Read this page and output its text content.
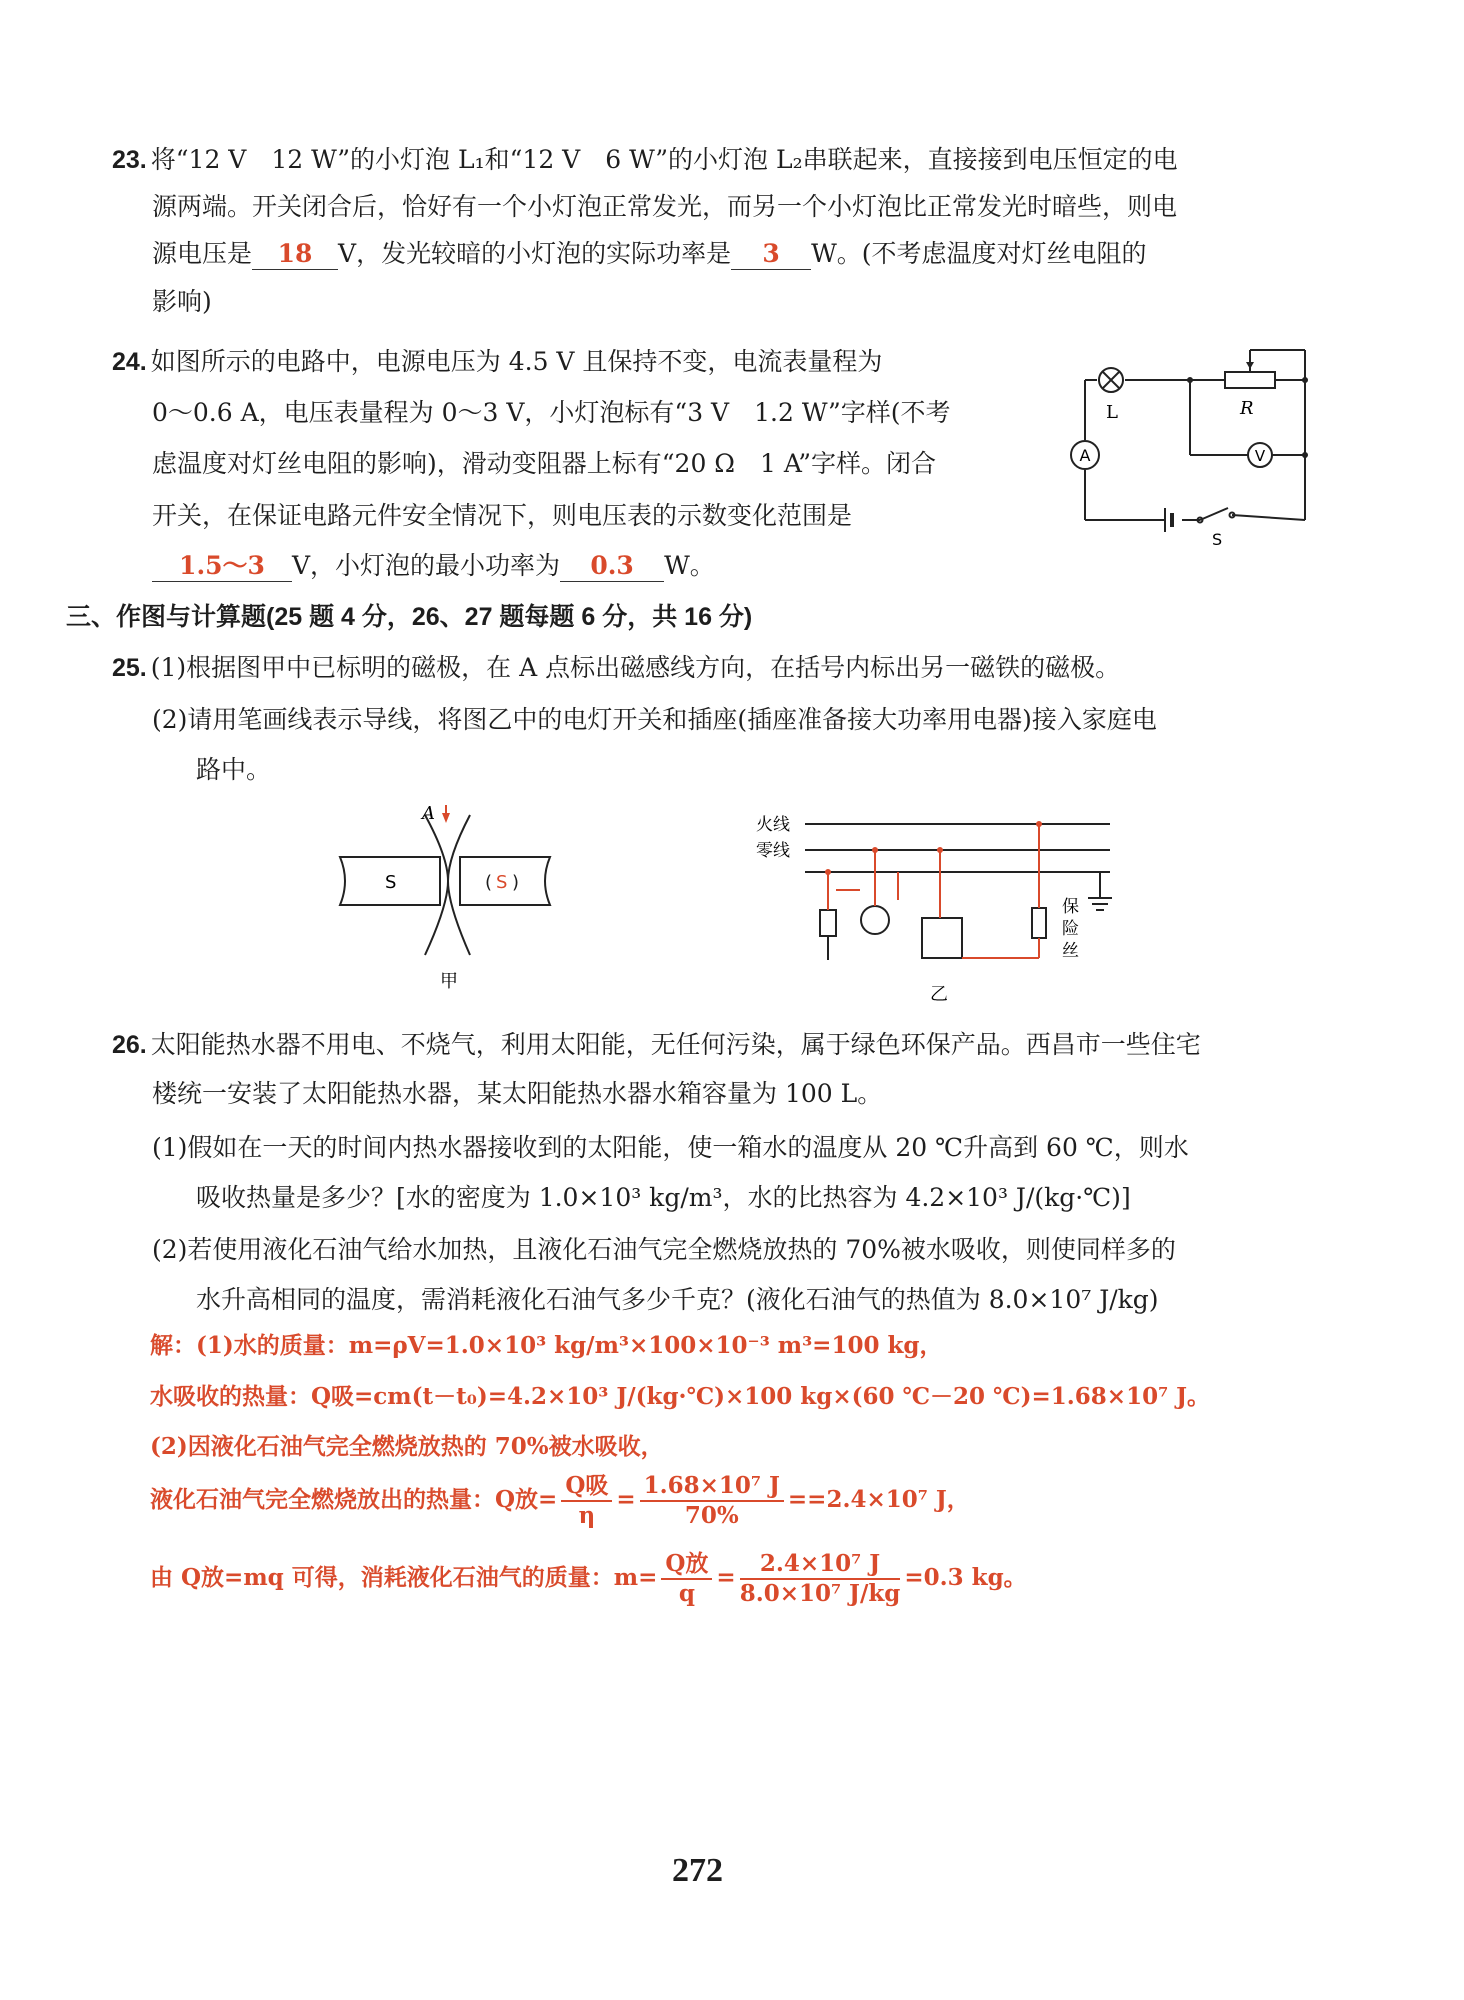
23. 将“12 V　12 W”的小灯泡 L₁和“12 V　6 W”的小灯泡 L₂串联起来，直接接到电压恒定的电
源两端。开关闭合后，恰好有一个小灯泡正常发光，而另一个小灯泡比正常发光时暗些，则电
源电压是 18 V，发光较暗的小灯泡的实际功率是 3 W。(不考虑温度对灯丝电阻的
影响)
24. 如图所示的电路中，电源电压为 4.5 V 且保持不变，电流表量程为
0～0.6 A，电压表量程为 0～3 V，小灯泡标有“3 V　1.2 W”字样(不考
虑温度对灯丝电阻的影响)，滑动变阻器上标有“20 Ω　1 A”字样。闭合
开关，在保证电路元件安全情况下，则电压表的示数变化范围是
1.5～3 V，小灯泡的最小功率为 0.3 W。
L	R
A	V
S
三、作图与计算题(25 题 4 分，26、27 题每题 6 分，共 16 分)
25. (1)根据图甲中已标明的磁极，在 A 点标出磁感线方向，在括号内标出另一磁铁的磁极。
(2)请用笔画线表示导线，将图乙中的电灯开关和插座(插座准备接大功率用电器)接入家庭电
路中。
A
S	( S )
甲
火线
零线
保
险
丝
乙
26. 太阳能热水器不用电、不烧气，利用太阳能，无任何污染，属于绿色环保产品。西昌市一些住宅
楼统一安装了太阳能热水器，某太阳能热水器水箱容量为 100 L。
(1)假如在一天的时间内热水器接收到的太阳能，使一箱水的温度从 20 ℃升高到 60 ℃，则水
吸收热量是多少？[水的密度为 1.0×10³ kg/m³，水的比热容为 4.2×10³ J/(kg·℃)]
(2)若使用液化石油气给水加热，且液化石油气完全燃烧放热的 70%被水吸收，则使同样多的
水升高相同的温度，需消耗液化石油气多少千克？(液化石油气的热值为 8.0×10⁷ J/kg)
解：(1)水的质量：m=ρV=1.0×10³ kg/m³×100×10⁻³ m³=100 kg，
水吸收的热量：Q吸=cm(t－t₀)=4.2×10³ J/(kg·℃)×100 kg×(60 ℃－20 ℃)=1.68×10⁷ J。
(2)因液化石油气完全燃烧放热的 70%被水吸收，
液化石油气完全燃烧放出的热量：Q放= $\frac{\text{Q吸}}{\eta} = \frac{\text{1.68×10⁷ J}}{70\%} ==2.4\times 10^7$ J，
由 Q放=mq 可得，消耗液化石油气的质量：$m= \frac{\text{Q放}}{q} = \frac{\text{2.4×10⁷ J}}{\text{8.0×10⁷ J/kg}} =0.3$ kg。
272
